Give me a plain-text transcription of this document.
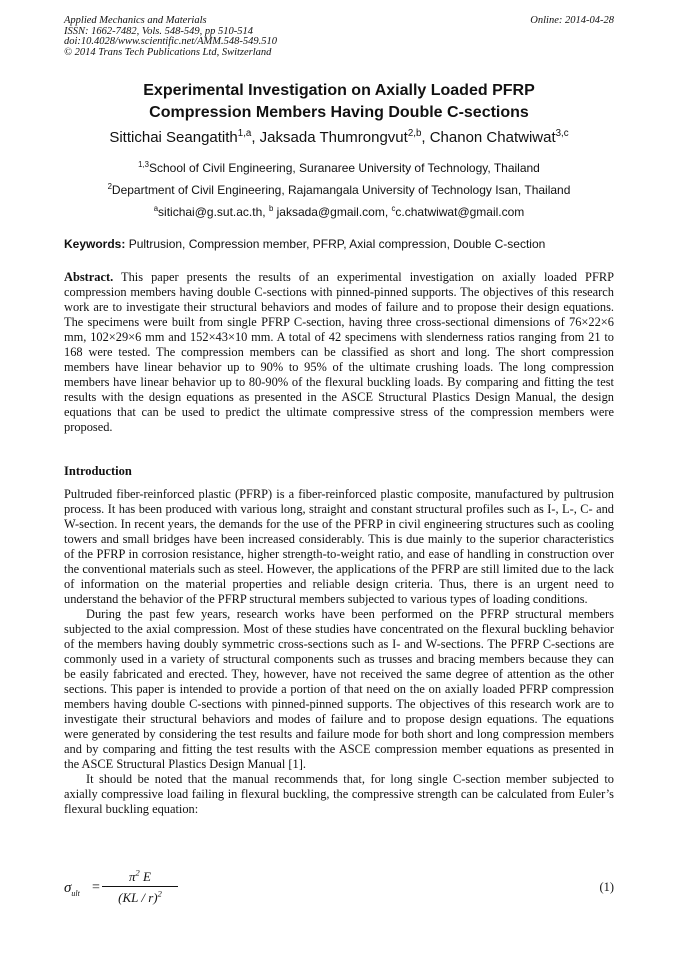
Applied Mechanics and Materials
ISSN: 1662-7482, Vols. 548-549, pp 510-514
doi:10.4028/www.scientific.net/AMM.548-549.510
© 2014 Trans Tech Publications Ltd, Switzerland
Online: 2014-04-28
Experimental Investigation on Axially Loaded PFRP
Compression Members Having Double C-sections
Sittichai Seangatith$^{1,a}$, Jaksada Thumrongvut$^{2,b}$, Chanon Chatwiwat$^{3,c}$
$^{1,3}$School of Civil Engineering, Suranaree University of Technology, Thailand
$^2$Department of Civil Engineering, Rajamangala University of Technology Isan, Thailand
$^a$sitichai@g.sut.ac.th, $^b$ jaksada@gmail.com, $^c$c.chatwiwat@gmail.com
Keywords: Pultrusion, Compression member, PFRP, Axial compression, Double C-section
Abstract. This paper presents the results of an experimental investigation on axially loaded PFRP compression members having double C-sections with pinned-pinned supports. The objectives of this research work are to investigate their structural behaviors and modes of failure and to propose their design equations. The specimens were built from single PFRP C-section, having three cross-sectional dimensions of 76×22×6 mm, 102×29×6 mm and 152×43×10 mm. A total of 42 specimens with slenderness ratios ranging from 21 to 168 were tested. The compression members can be classified as short and long. The short compression members have linear behavior up to 90% to 95% of the ultimate crushing loads. The long compression members have linear behavior up to 80-90% of the flexural buckling loads. By comparing and fitting the test results with the design equations as presented in the ASCE Structural Plastics Design Manual, the design equations that can be used to predict the ultimate compressive stress of the compression members were proposed.
Introduction

Pultruded fiber-reinforced plastic (PFRP) is a fiber-reinforced plastic composite, manufactured by pultrusion process. It has been produced with various long, straight and constant structural profiles such as I-, L-, C- and W-section. In recent years, the demands for the use of the PFRP in civil engineering structures such as cooling towers and small bridges have been increased considerably. This is due mainly to the superior characteristics of the PFRP in corrosion resistance, higher strength-to-weight ratio, and ease of handling in construction over the conventional materials such as steel. However, the applications of the PFRP are still limited due to the lack of information on the material properties and reliable design criteria. Thus, there is an urgent need to understand the behavior of the PFRP structural members subjected to various types of loading conditions.

During the past few years, research works have been performed on the PFRP structural members subjected to the axial compression. Most of these studies have concentrated on the flexural buckling behavior of the members having doubly symmetric cross-sections such as I- and W-sections. The PFRP C-sections are commonly used in a variety of structural components such as trusses and bracing members because they can be easily fabricated and erected. They, however, have not received the same degree of attention as the other sections. This paper is intended to provide a portion of that need on the on axially loaded PFRP compression members having double C-sections with pinned-pinned supports. The objectives of this research work are to investigate their structural behaviors and modes of failure and to propose design equations. The equations were generated by considering the test results and failure mode for both short and long compression members and by comparing and fitting the test results with the ASCE compression member equations as presented in the ASCE Structural Plastics Design Manual [1].

It should be noted that the manual recommends that, for long single C-section member subjected to axially compressive load failing in flexural buckling, the compressive strength can be calculated from Euler’s flexural buckling equation:

$\sigma_{ult}$ =
$\pi^2$ E
(KL / r)$^2$	(1)
